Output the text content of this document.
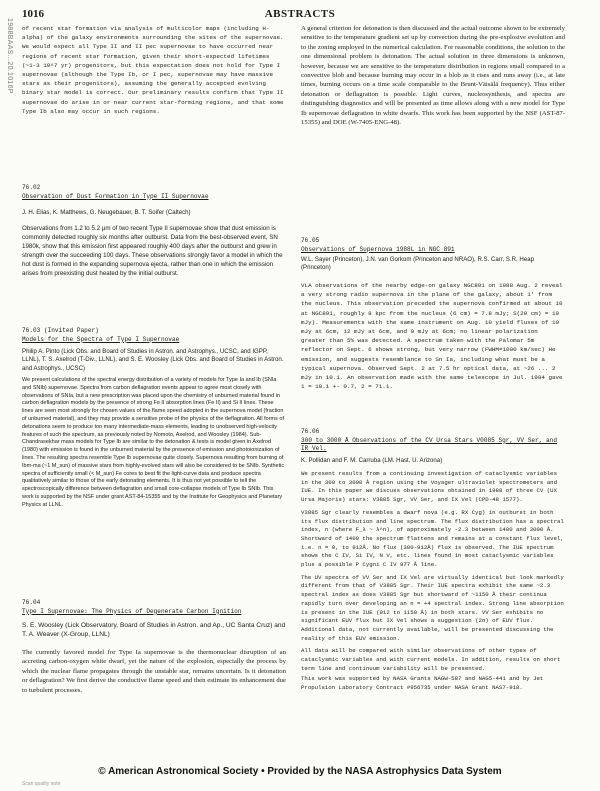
1988BAAS...20.1016P
1016	ABSTRACTS
of recent star formation via analysis of multicolor maps (including H-alpha) of the galaxy environments surrounding the sites of the supernovae. We would expect all Type II and II pec supernovae to have occurred near regions of recent star formation, given their short-expected lifetimes (~1-3 10^7 yr) progenitors, but this expectation does not hold for Type I supernovae (although the Type Ib, or I pec, supernovae may have massive stars as their progenitors), assuming the generally accepted evolving binary star model is correct. Our preliminary results confirm that Type II supernovae do arise in or near current star-forming regions, and that some Type Ib also may occur in such regions.
76.02
Observation of Dust Formation in Type II Supernovae
J. H. Elias, K. Matthews, G. Neugebauer, B. T. Soifer (Caltech)
Observations from 1.2 to 5.2 μm of two recent Type II supernovae show that dust emission is commonly detected roughly six months after outburst. Data from the best-observed event, SN 1980k, show that this emission first appeared roughly 400 days after the outburst and grew in strength over the succeeding 100 days. These observations strongly favor a model in which the hot dust is formed in the expanding supernova ejecta, rather than one in which the emission arises from preexisting dust heated by the initial outburst.
76.03 (Invited Paper)
Models for the Spectra of Type I Supernovae
Philip A. Pinto (Lick Obs. and Board of Studies in Astron. and Astrophys., UCSC, and IGPP, LLNL), T. S. Axelrod (T-Div., LLNL), and S. E. Woosley (Lick Obs. and Board of Studies in Astron. and Astrophys., UCSC)
We present calculations of the spectral energy distribution of a variety of models for Type Ia and Ib (SNIa and SNIb) supernovae. Spectra from carbon deflagration events appear to agree most closely with observations of SNIa, but a new prescription was placed upon the chemistry of unburned material found in carbon deflagration models by the presence of strong Fe II absorption lines (Fe II) and Si II lines. These lines are seen most strongly for chosen values of the flame speed adopted in the supernova model (fraction of unburned material), and they may provide a sensitive probe of the physics of the deflagration. All forms of detonations seem to produce too many intermediate-mass elements, leading to unobserved high-velocity features of such the spectrum, as previously noted by Nomoto, Axelrod, and Woosley (1984). Sub-Chandrasekhar mass models for Type Ib are similar to the detonation & tests is model given in Axelrod (1980) with emission is found in the unburned material by the presence of emission and photoionization of lines. The resulting spectra resemble Type Ib supernovae quite closely. Supernova resulting from burning of Ibm-ma (~1 M_sun) of massive stars from highly-evolved stars will also be considered to be SNIb. Synthetic spectra of sufficiently small (< M_sun) Fe cores to best fit the light-curve data and produce spectra qualitatively similar to those of the early detonating elements. It is thus not yet possible to tell the spectroscopically difference between deflagration and small core-collapse models of Type Ib SNIb. This work is supported by the NSF under grant AST-84-15355 and by the Institute for Geophysics and Planetary Physics at LLNL.
76.04
Type I Supernovae: The Physics of Degenerate Carbon Ignition
S. E. Woosley (Lick Observatory, Board of Studies in Astron. and Ap., UC Santa Cruz) and T. A. Weaver (X-Group, LLNL)
The currently favored model for Type Ia supernovae is the thermonuclear disruption of an accreting carbon-oxygen white dwarf, yet the nature of the explosion, especially the process by which the nuclear flame propagates through the unstable star, remains uncertain. Is it detonation or deflagration? We first derive the conductive flame speed and then estimate its enhancement due to turbulent processes.
A general criterion for detonation is then discussed and the actual outcome shown to be extremely sensitive to the temperature gradient set up by convection during the pre-explosive evolution and to the zoning employed in the numerical calculation. For reasonable conditions, the solution to the one dimensional problem is detonation. The actual solution in three dimensions is unknown, however, because we are sensitive to the temperature distribution in regions small compared to a convective blob and because burning may occur in a blob as it rises and runs away (i.e., at late times, burning occurs on a time scale comparable to the Brunt-Väisälä frequency). Thus either detonation or deflagration is possible. Light curves, nucleosynthesis, and spectra are distinguishing diagnostics and will be presented as time allows along with a new model for Type Ib supernovae deflagration in white dwarfs. This work has been supported by the NSF (AST-87-15355) and DOE (W-7405-ENG-48).
76.05
Observations of Supernova 1988L in NGC 891
W.L. Sayer (Princeton), J.N. van Gorkom (Princeton and NRAO), R.S. Carr, S.R. Heap (Princeton)
VLA observations of the nearby edge-on galaxy NGC891 on 1988 Aug. 2 reveal a very strong radio supernova in the plane of the galaxy, about 1' from the nucleus. This observation preceded the supernova confirmed at about 10 at NGC891, roughly 8 kpc from the nucleus (6 cm) = 7.8 mJy; S(20 cm) = 10 mJy). Measurements with the same instrument on Aug. 10 yield fluxes of 10 mJy at 6cm, 12 mJy at 6cm, and 9 mJy at 6cm; no linear polarization greater than 5% was detected. A spectrum taken with the Palomar 5m reflector on Sept. 6 shows strong, but very narrow (FWHM=1000 km/sec) He emission, and suggests resemblance to Sn Ia, including what must be a typical supernova. Observed Sept. 2 at 7.5 hr optical data, at ~26 ... 2 mJy in 10.1. An observation made with the same telescope in Jul. 1984 gave 1 = 10.1 +- 0.7, 2 = 71.1.
76.06
300 to 3000 Å Observations of the CV Ursa Stars V0085 Sgr, VV Ser, and IR Vel.
K. Pollidan and F. M. Carruba (LM. Hast, U. Arizona)

We present results from a continuing investigation of cataclysmic variables in the 300 to 3000 Å region using the Voyager ultraviolet spectrometers and IUE. In this paper we discuss observations obtained in 1988 of three CV (UX Ursa Majoris) stars: V3885 Sgr, VV Ser, and IX Vel (CPD-48 1577).

V3885 Sgr clearly resembles a dwarf nova (e.g. RX Cyg) in outburst in both its flux distribution and line spectrum. The flux distribution has a spectral index, n (where F_λ ~ λ^n), of approximately -2.3 between 1400 and 3000 Å. Shortward of 1400 the spectrum flattens and remains at a constant flux level, i.e. n = 0, to 912Å. No flux (300-912Å) flux is observed. The IUE spectrum shows the C IV, Si IV, N V, etc. lines found in most cataclysmic variables plus a possible P Cygni C IV 977 Å line.

The UV spectra of VV Ser and IX Vel are virtually identical but look markedly different from that of V3885 Sgr. Their IUE spectra exhibit the same ~2.3 spectral index as does V3885 Sgr but shortward of ~1150 Å their continua rapidly turn over developing an n = +4 spectral index. Strong line absorption is present in the IUE (912 to 1150 Å) in both stars. VV Ser exhibits no significant EUV flux but IX Vel shows a suggestion (2σ) of EUV flux. Additional data, not currently available, will be presented discussing the reality of this EUV emission.

All data will be compared with similar observations of other types of cataclysmic variables and with current models. In addition, results on short term line and continuum variability will be presented.

This work was supported by NASA Grants NAGW-587 and NAG5-441 and by Jet Propulsion Laboratory Contract #956735 under NASA Grant NAS7-918.

© American Astronomical Society • Provided by the NASA Astrophysics Data System
Scan quality note
